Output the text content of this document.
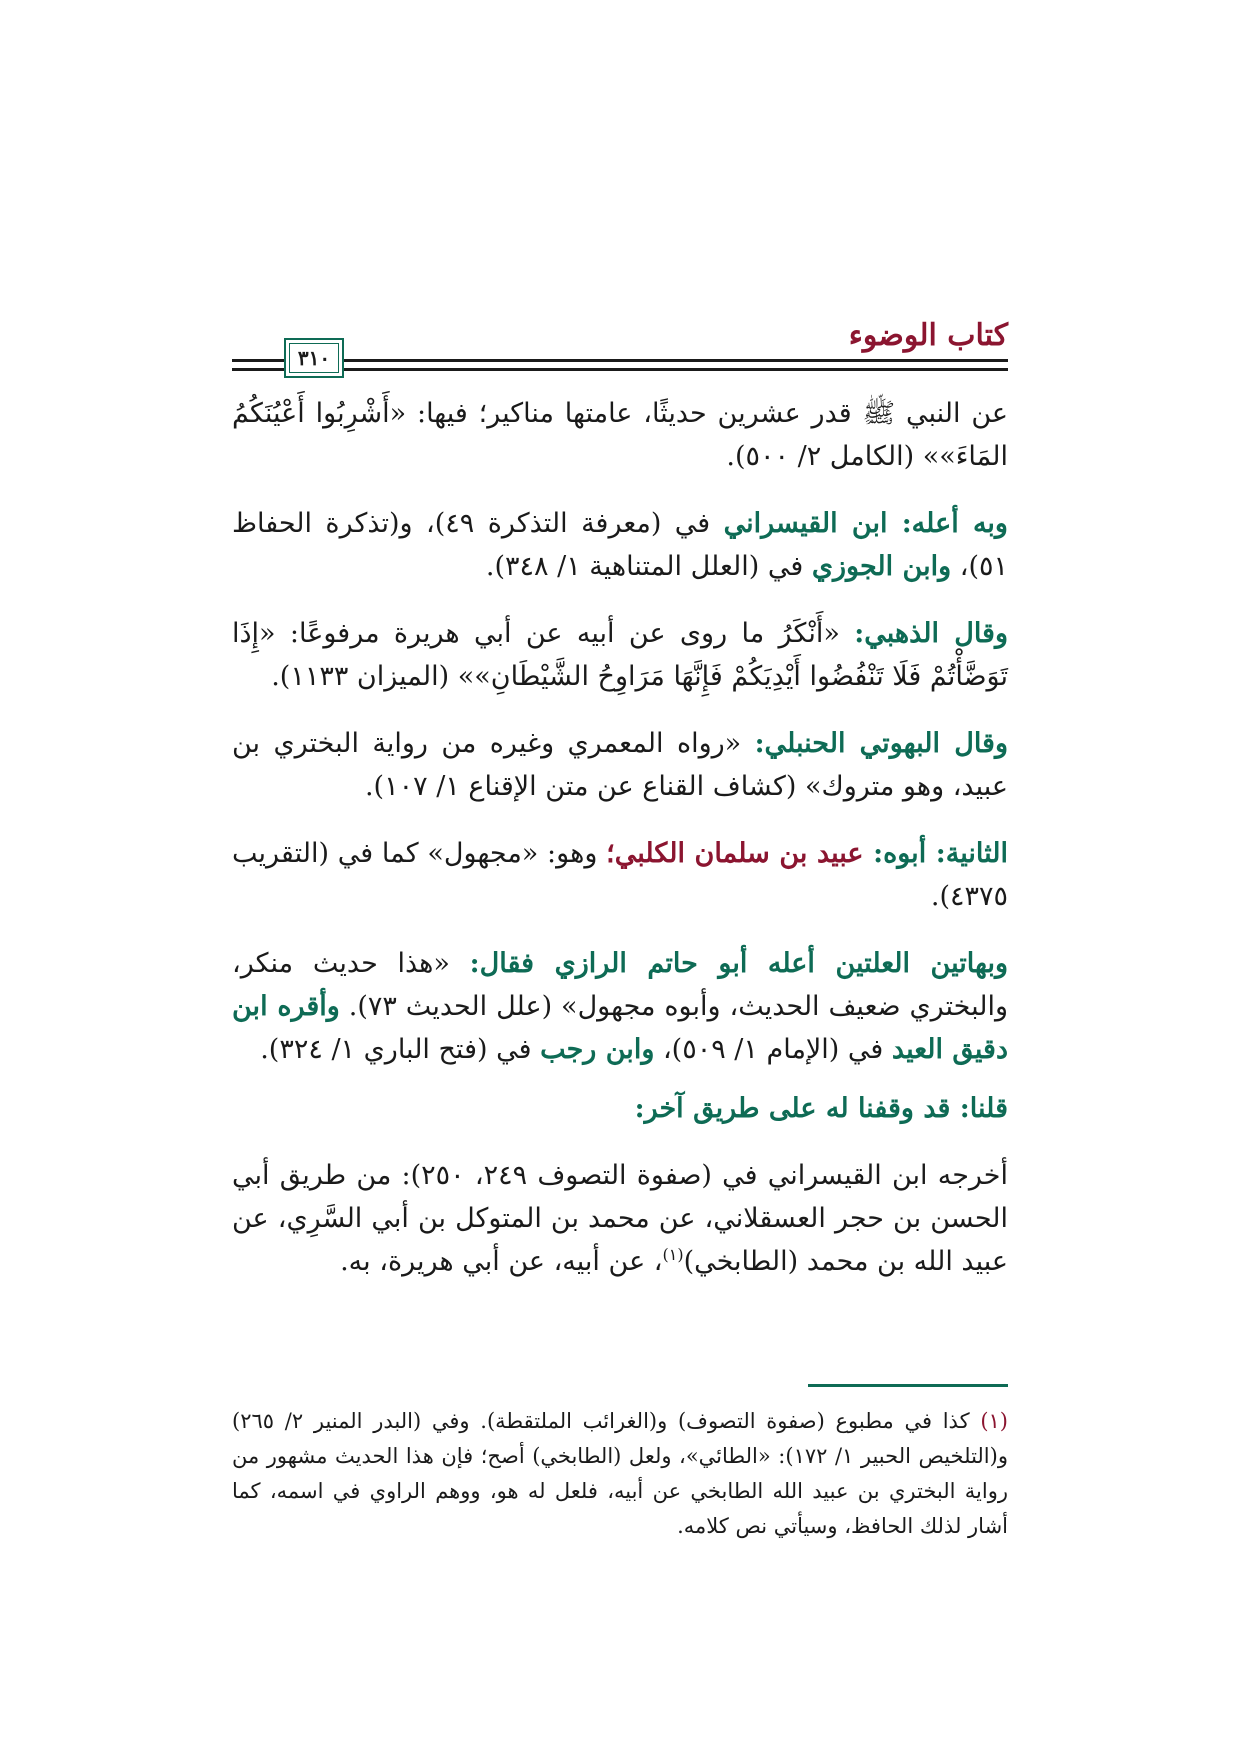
كتاب الوضوء
٣١٠

عن النبي ﷺ قدر عشرين حديثًا، عامتها مناكير؛ فيها: «أَشْرِبُوا أَعْيُنَكُمُ المَاءَ»» (الكامل ٢/ ٥٠٠).

وبه أعله: ابن القيسراني في (معرفة التذكرة ٤٩)، و(تذكرة الحفاظ ٥١)، وابن الجوزي في (العلل المتناهية ١/ ٣٤٨).

وقال الذهبي: «أَنْكَرُ ما روى عن أبيه عن أبي هريرة مرفوعًا: «إِذَا تَوَضَّأْتُمْ فَلَا تَنْفُضُوا أَيْدِيَكُمْ فَإِنَّهَا مَرَاوِحُ الشَّيْطَانِ»» (الميزان ١١٣٣).

وقال البهوتي الحنبلي: «رواه المعمري وغيره من رواية البختري بن عبيد، وهو متروك» (كشاف القناع عن متن الإقناع ١/ ١٠٧).

الثانية: أبوه: عبيد بن سلمان الكلبي؛ وهو: «مجهول» كما في (التقريب ٤٣٧٥).

وبهاتين العلتين أعله أبو حاتم الرازي فقال: «هذا حديث منكر، والبختري ضعيف الحديث، وأبوه مجهول» (علل الحديث ٧٣). وأقره ابن دقيق العيد في (الإمام ١/ ٥٠٩)، وابن رجب في (فتح الباري ١/ ٣٢٤).

قلنا: قد وقفنا له على طريق آخر:

أخرجه ابن القيسراني في (صفوة التصوف ٢٤٩، ٢٥٠): من طريق أبي الحسن بن حجر العسقلاني، عن محمد بن المتوكل بن أبي السَّرِي، عن عبيد الله بن محمد (الطابخي)$^{(١)}$، عن أبيه، عن أبي هريرة، به.

(١) كذا في مطبوع (صفوة التصوف) و(الغرائب الملتقطة). وفي (البدر المنير ٢/ ٢٦٥) و(التلخيص الحبير ١/ ١٧٢): «الطائي»، ولعل (الطابخي) أصح؛ فإن هذا الحديث مشهور من رواية البختري بن عبيد الله الطابخي عن أبيه، فلعل له هو، ووهم الراوي في اسمه، كما أشار لذلك الحافظ، وسيأتي نص كلامه.
